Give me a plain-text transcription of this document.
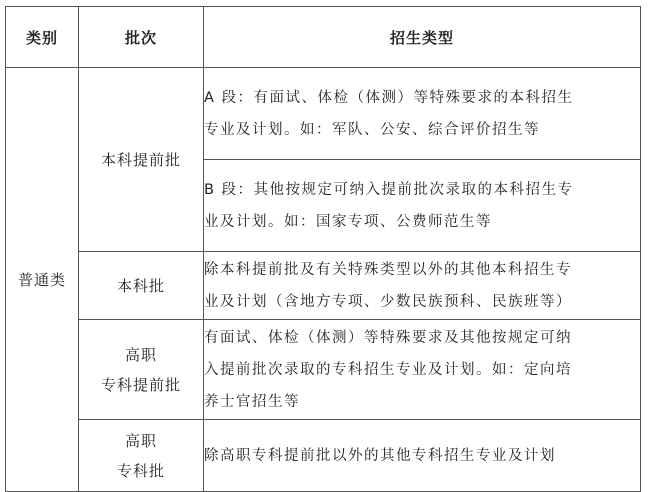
类别	批次	招生类型
普通类	本科提前批	A 段：有面试、体检（体测）等特殊要求的本科招生
专业及计划。如：军队、公安、综合评价招生等

		B 段：其他按规定可纳入提前批次录取的本科招生专
业及计划。如：国家专项、公费师范生等

	本科批	除本科提前批及有关特殊类型以外的其他本科招生专
业及计划（含地方专项、少数民族预科、民族班等）

	高职
专科提前批	有面试、体检（体测）等特殊要求及其他按规定可纳
入提前批次录取的专科招生专业及计划。如：定向培
养士官招生等

	高职
专科批	除高职专科提前批以外的其他专科招生专业及计划
